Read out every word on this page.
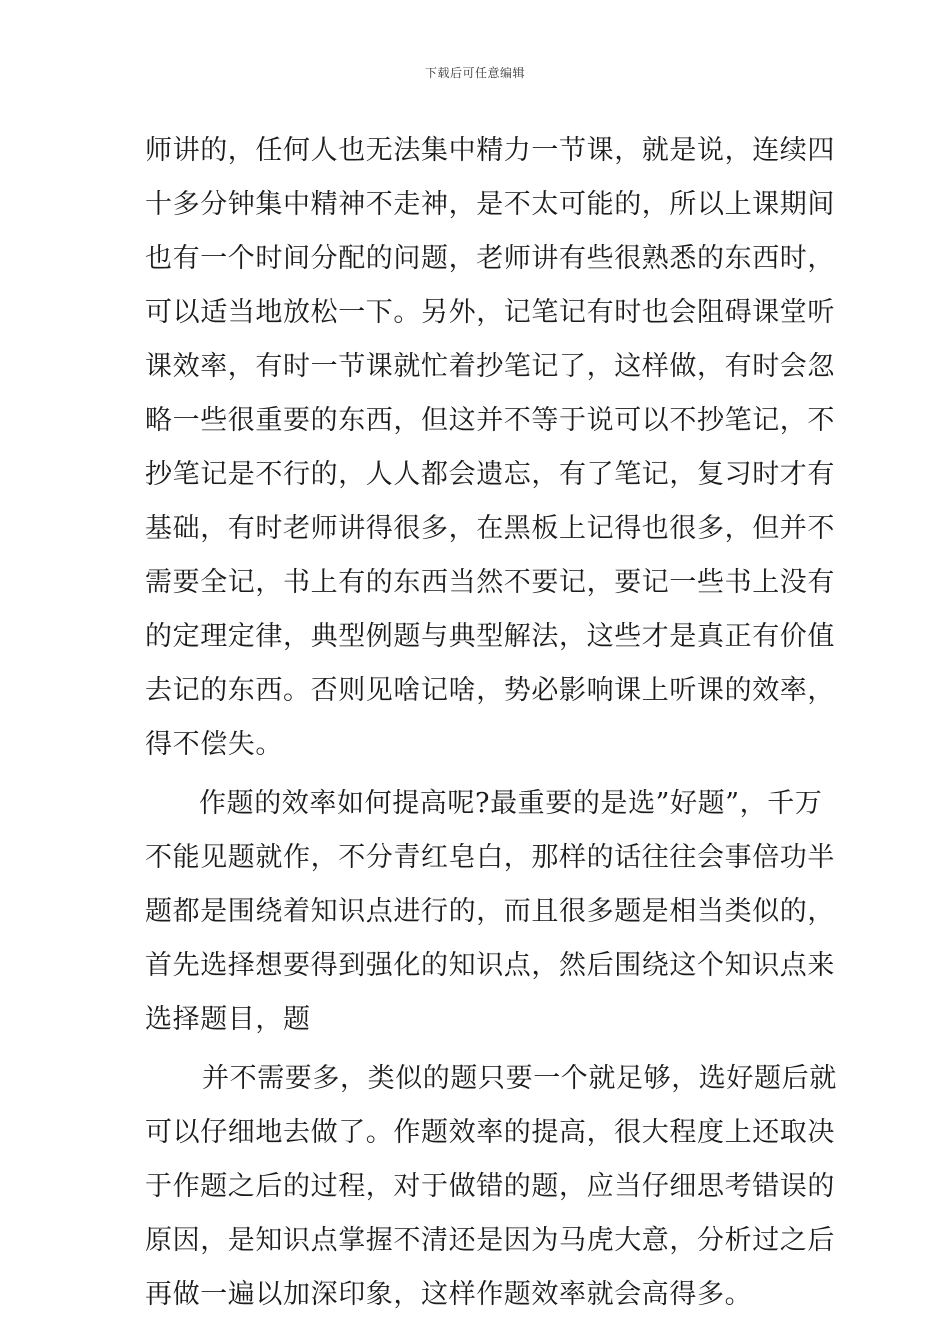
下载后可任意编辑
师讲的，任何人也无法集中精力一节课，就是说，连续四
十多分钟集中精神不走神，是不太可能的，所以上课期间
也有一个时间分配的问题，老师讲有些很熟悉的东西时，
可以适当地放松一下。另外，记笔记有时也会阻碍课堂听
课效率，有时一节课就忙着抄笔记了，这样做，有时会忽
略一些很重要的东西，但这并不等于说可以不抄笔记，不
抄笔记是不行的，人人都会遗忘，有了笔记，复习时才有
基础，有时老师讲得很多，在黑板上记得也很多，但并不
需要全记，书上有的东西当然不要记，要记一些书上没有
的定理定律，典型例题与典型解法，这些才是真正有价值
去记的东西。否则见啥记啥，势必影响课上听课的效率，
得不偿失。
作题的效率如何提高呢?最重要的是选”好题”，千万
不能见题就作，不分青红皂白，那样的话往往会事倍功半
题都是围绕着知识点进行的，而且很多题是相当类似的，
首先选择想要得到强化的知识点，然后围绕这个知识点来
选择题目，题
并不需要多，类似的题只要一个就足够，选好题后就
可以仔细地去做了。作题效率的提高，很大程度上还取决
于作题之后的过程，对于做错的题，应当仔细思考错误的
原因，是知识点掌握不清还是因为马虎大意，分析过之后
再做一遍以加深印象，这样作题效率就会高得多。
